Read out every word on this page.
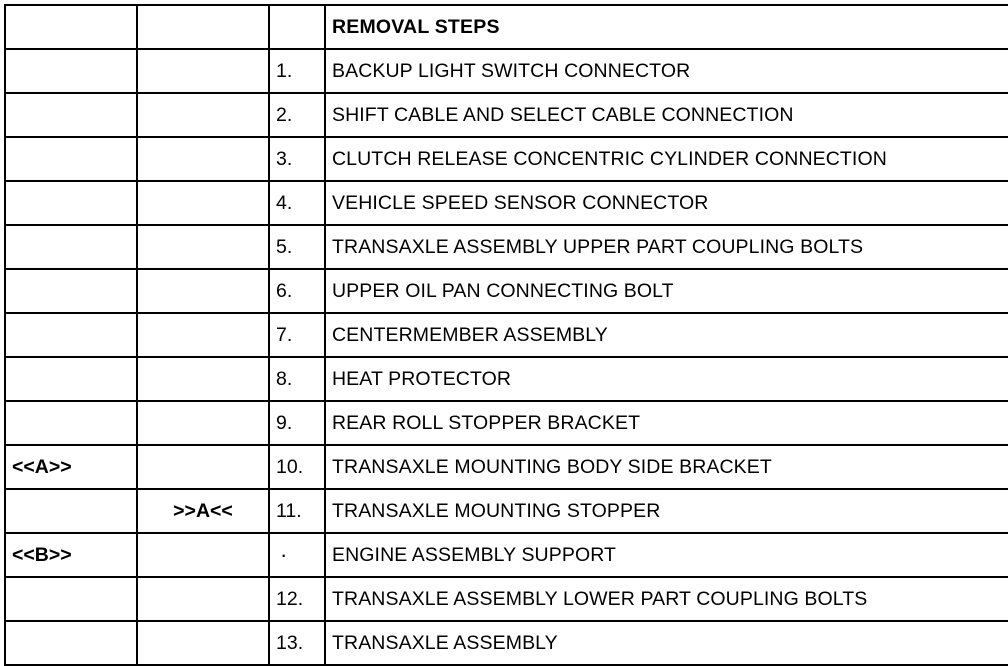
			REMOVAL STEPS
		1.	BACKUP LIGHT SWITCH CONNECTOR
		2.	SHIFT CABLE AND SELECT CABLE CONNECTION
		3.	CLUTCH RELEASE CONCENTRIC CYLINDER CONNECTION
		4.	VEHICLE SPEED SENSOR CONNECTOR
		5.	TRANSAXLE ASSEMBLY UPPER PART COUPLING BOLTS
		6.	UPPER OIL PAN CONNECTING BOLT
		7.	CENTERMEMBER ASSEMBLY
		8.	HEAT PROTECTOR
		9.	REAR ROLL STOPPER BRACKET
<<A>>		10.	TRANSAXLE MOUNTING BODY SIDE BRACKET
	>>A<<	11.	TRANSAXLE MOUNTING STOPPER
<<B>>		·	ENGINE ASSEMBLY SUPPORT
		12.	TRANSAXLE ASSEMBLY LOWER PART COUPLING BOLTS
		13.	TRANSAXLE ASSEMBLY
